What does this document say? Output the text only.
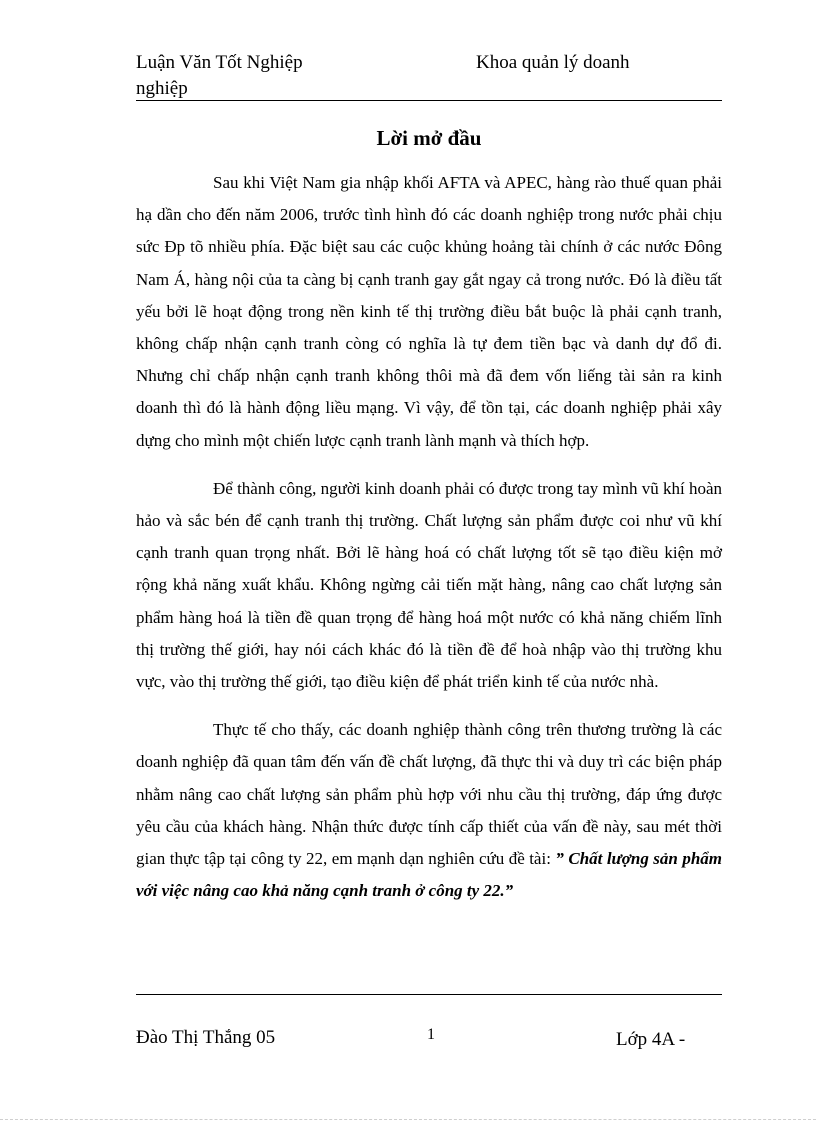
Luận Văn Tốt Nghiệp nghiệp
Khoa quản lý doanh
Lời mở đầu

Sau khi Việt Nam gia nhập khối AFTA và APEC, hàng rào thuế quan phải hạ dần cho đến năm 2006, trước tình hình đó các doanh nghiệp trong nước phải chịu sức Ðp tõ nhiều phía. Đặc biệt sau các cuộc khủng hoảng tài chính ở các nước Đông Nam Á, hàng nội của ta càng bị cạnh tranh gay gắt ngay cả trong nước. Đó là điều tất yếu bởi lẽ hoạt động trong nền kinh tế thị trường điều bắt buộc là phải cạnh tranh, không chấp nhận cạnh tranh còng có nghĩa là tự đem tiền bạc và danh dự đổ đi. Nhưng chỉ chấp nhận cạnh tranh không thôi mà đã đem vốn liếng tài sản ra kinh doanh thì đó là hành động liều mạng. Vì vậy, để tồn tại, các doanh nghiệp phải xây dựng cho mình một chiến lược cạnh tranh lành mạnh và thích hợp.

Để thành công, người kinh doanh phải có được trong tay mình vũ khí hoàn hảo và sắc bén để cạnh tranh thị trường. Chất lượng sản phẩm được coi như vũ khí cạnh tranh quan trọng nhất. Bởi lẽ hàng hoá có chất lượng tốt sẽ tạo điều kiện mở rộng khả năng xuất khẩu. Không ngừng cải tiến mặt hàng, nâng cao chất lượng sản phẩm hàng hoá là tiền đề quan trọng để hàng hoá một nước có khả năng chiếm lĩnh thị trường thế giới, hay nói cách khác đó là tiền đề để hoà nhập vào thị trường khu vực, vào thị trường thế giới, tạo điều kiện để phát triển kinh tế của nước nhà.

Thực tế cho thấy, các doanh nghiệp thành công trên thương trường là các doanh nghiệp đã quan tâm đến vấn đề chất lượng, đã thực thi và duy trì các biện pháp nhằm nâng cao chất lượng sản phẩm phù hợp với nhu cầu thị trường, đáp ứng được yêu cầu của khách hàng. Nhận thức được tính cấp thiết của vấn đề này, sau mét thời gian thực tập tại công ty 22, em mạnh dạn nghiên cứu đề tài: ” Chất lượng sản phẩm với việc nâng cao khả năng cạnh tranh ở công ty 22.”

Đào Thị Thắng 05	1	Lớp 4A -
